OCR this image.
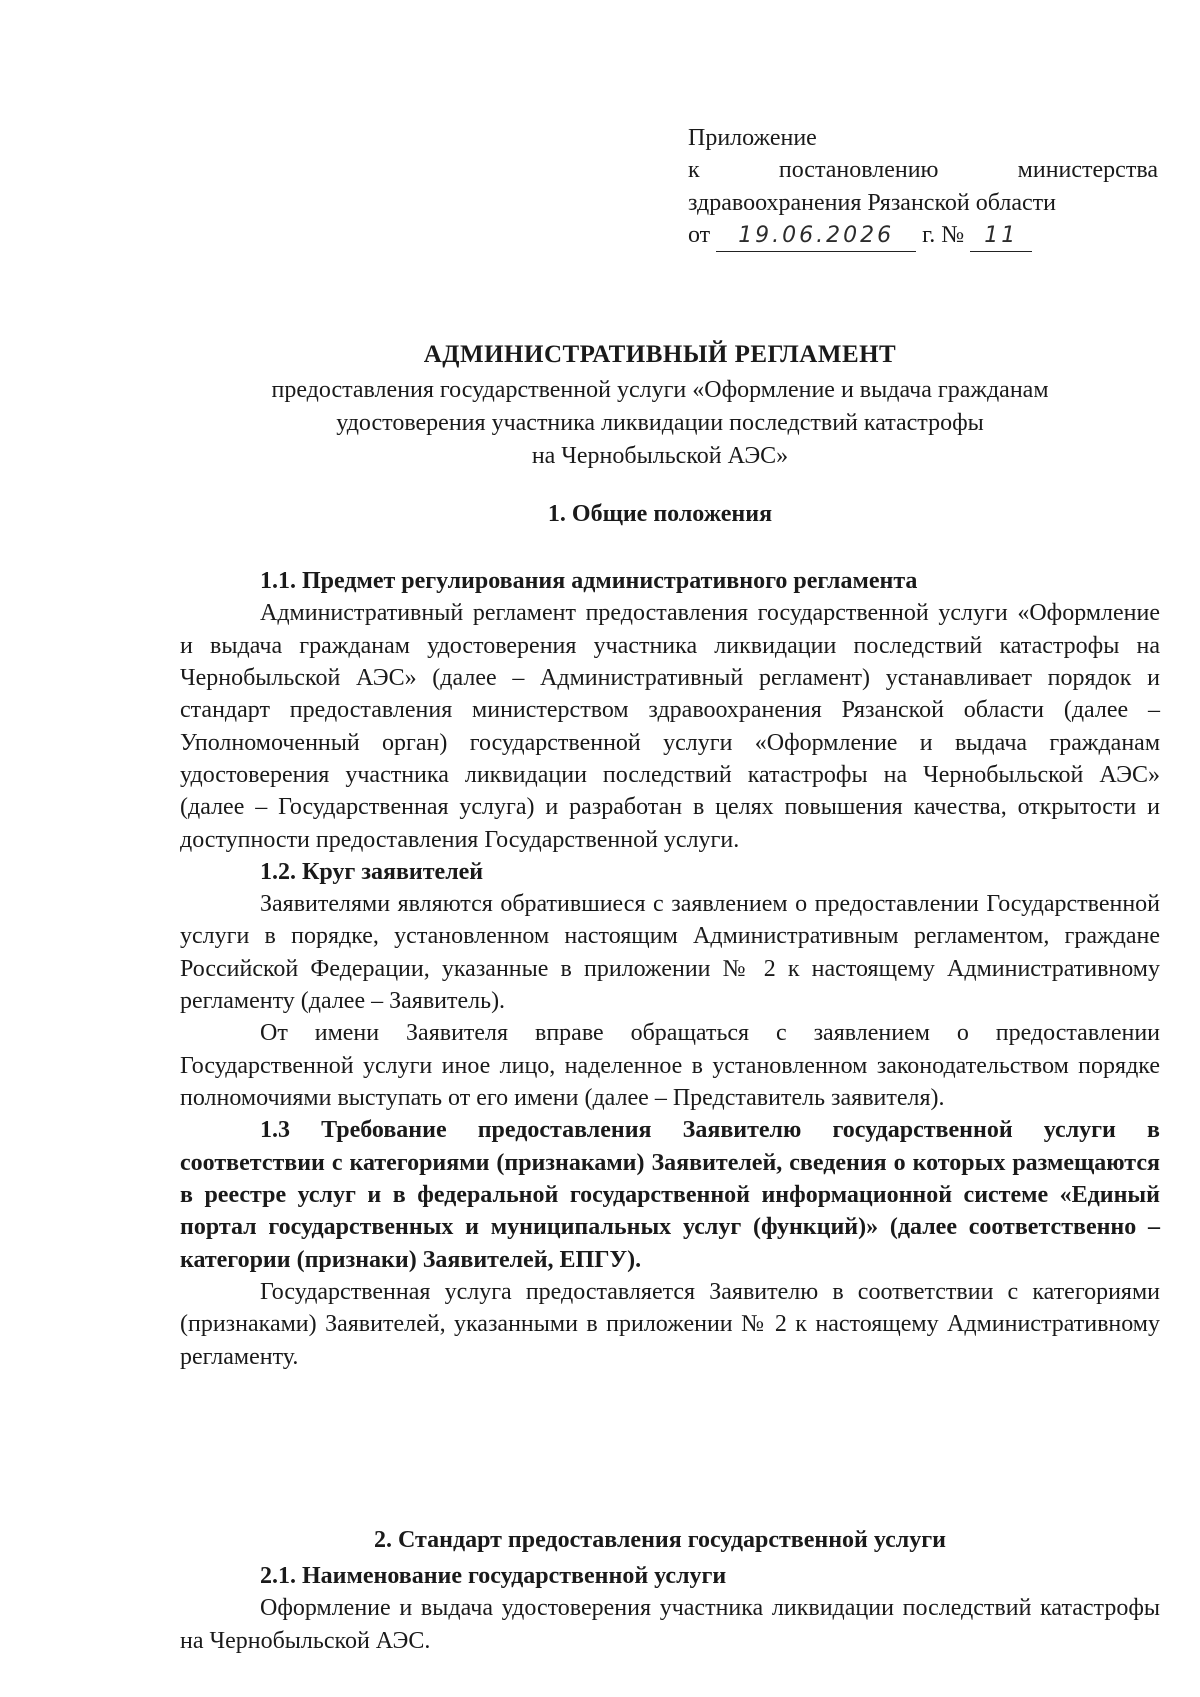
Приложение
к постановлению министерства
здравоохранения Рязанской области
от 19.06.2026 г. № 11
АДМИНИСТРАТИВНЫЙ РЕГЛАМЕНТ
предоставления государственной услуги «Оформление и выдача гражданам
удостоверения участника ликвидации последствий катастрофы
на Чернобыльской АЭС»
1. Общие положения

1.1. Предмет регулирования административного регламента

Административный регламент предоставления государственной услуги «Оформление и выдача гражданам удостоверения участника ликвидации последствий катастрофы на Чернобыльской АЭС» (далее – Административный регламент) устанавливает порядок и стандарт предоставления министерством здравоохранения Рязанской области (далее – Уполномоченный орган) государственной услуги «Оформление и выдача гражданам удостоверения участника ликвидации последствий катастрофы на Чернобыльской АЭС» (далее – Государственная услуга) и разработан в целях повышения качества, открытости и доступности предоставления Государственной услуги.

1.2. Круг заявителей

Заявителями являются обратившиеся с заявлением о предоставлении Государственной услуги в порядке, установленном настоящим Административным регламентом, граждане Российской Федерации, указанные в приложении № 2 к настоящему Административному регламенту (далее – Заявитель).

От имени Заявителя вправе обращаться с заявлением о предоставлении Государственной услуги иное лицо, наделенное в установленном законодательством порядке полномочиями выступать от его имени (далее – Представитель заявителя).

1.3 Требование предоставления Заявителю государственной услуги в соответствии с категориями (признаками) Заявителей, сведения о которых размещаются в реестре услуг и в федеральной государственной информационной системе «Единый портал государственных и муниципальных услуг (функций)» (далее соответственно – категории (признаки) Заявителей, ЕПГУ).

Государственная услуга предоставляется Заявителю в соответствии с категориями (признаками) Заявителей, указанными в приложении № 2 к настоящему Административному регламенту.

2. Стандарт предоставления государственной услуги

2.1. Наименование государственной услуги

Оформление и выдача удостоверения участника ликвидации последствий катастрофы на Чернобыльской АЭС.
